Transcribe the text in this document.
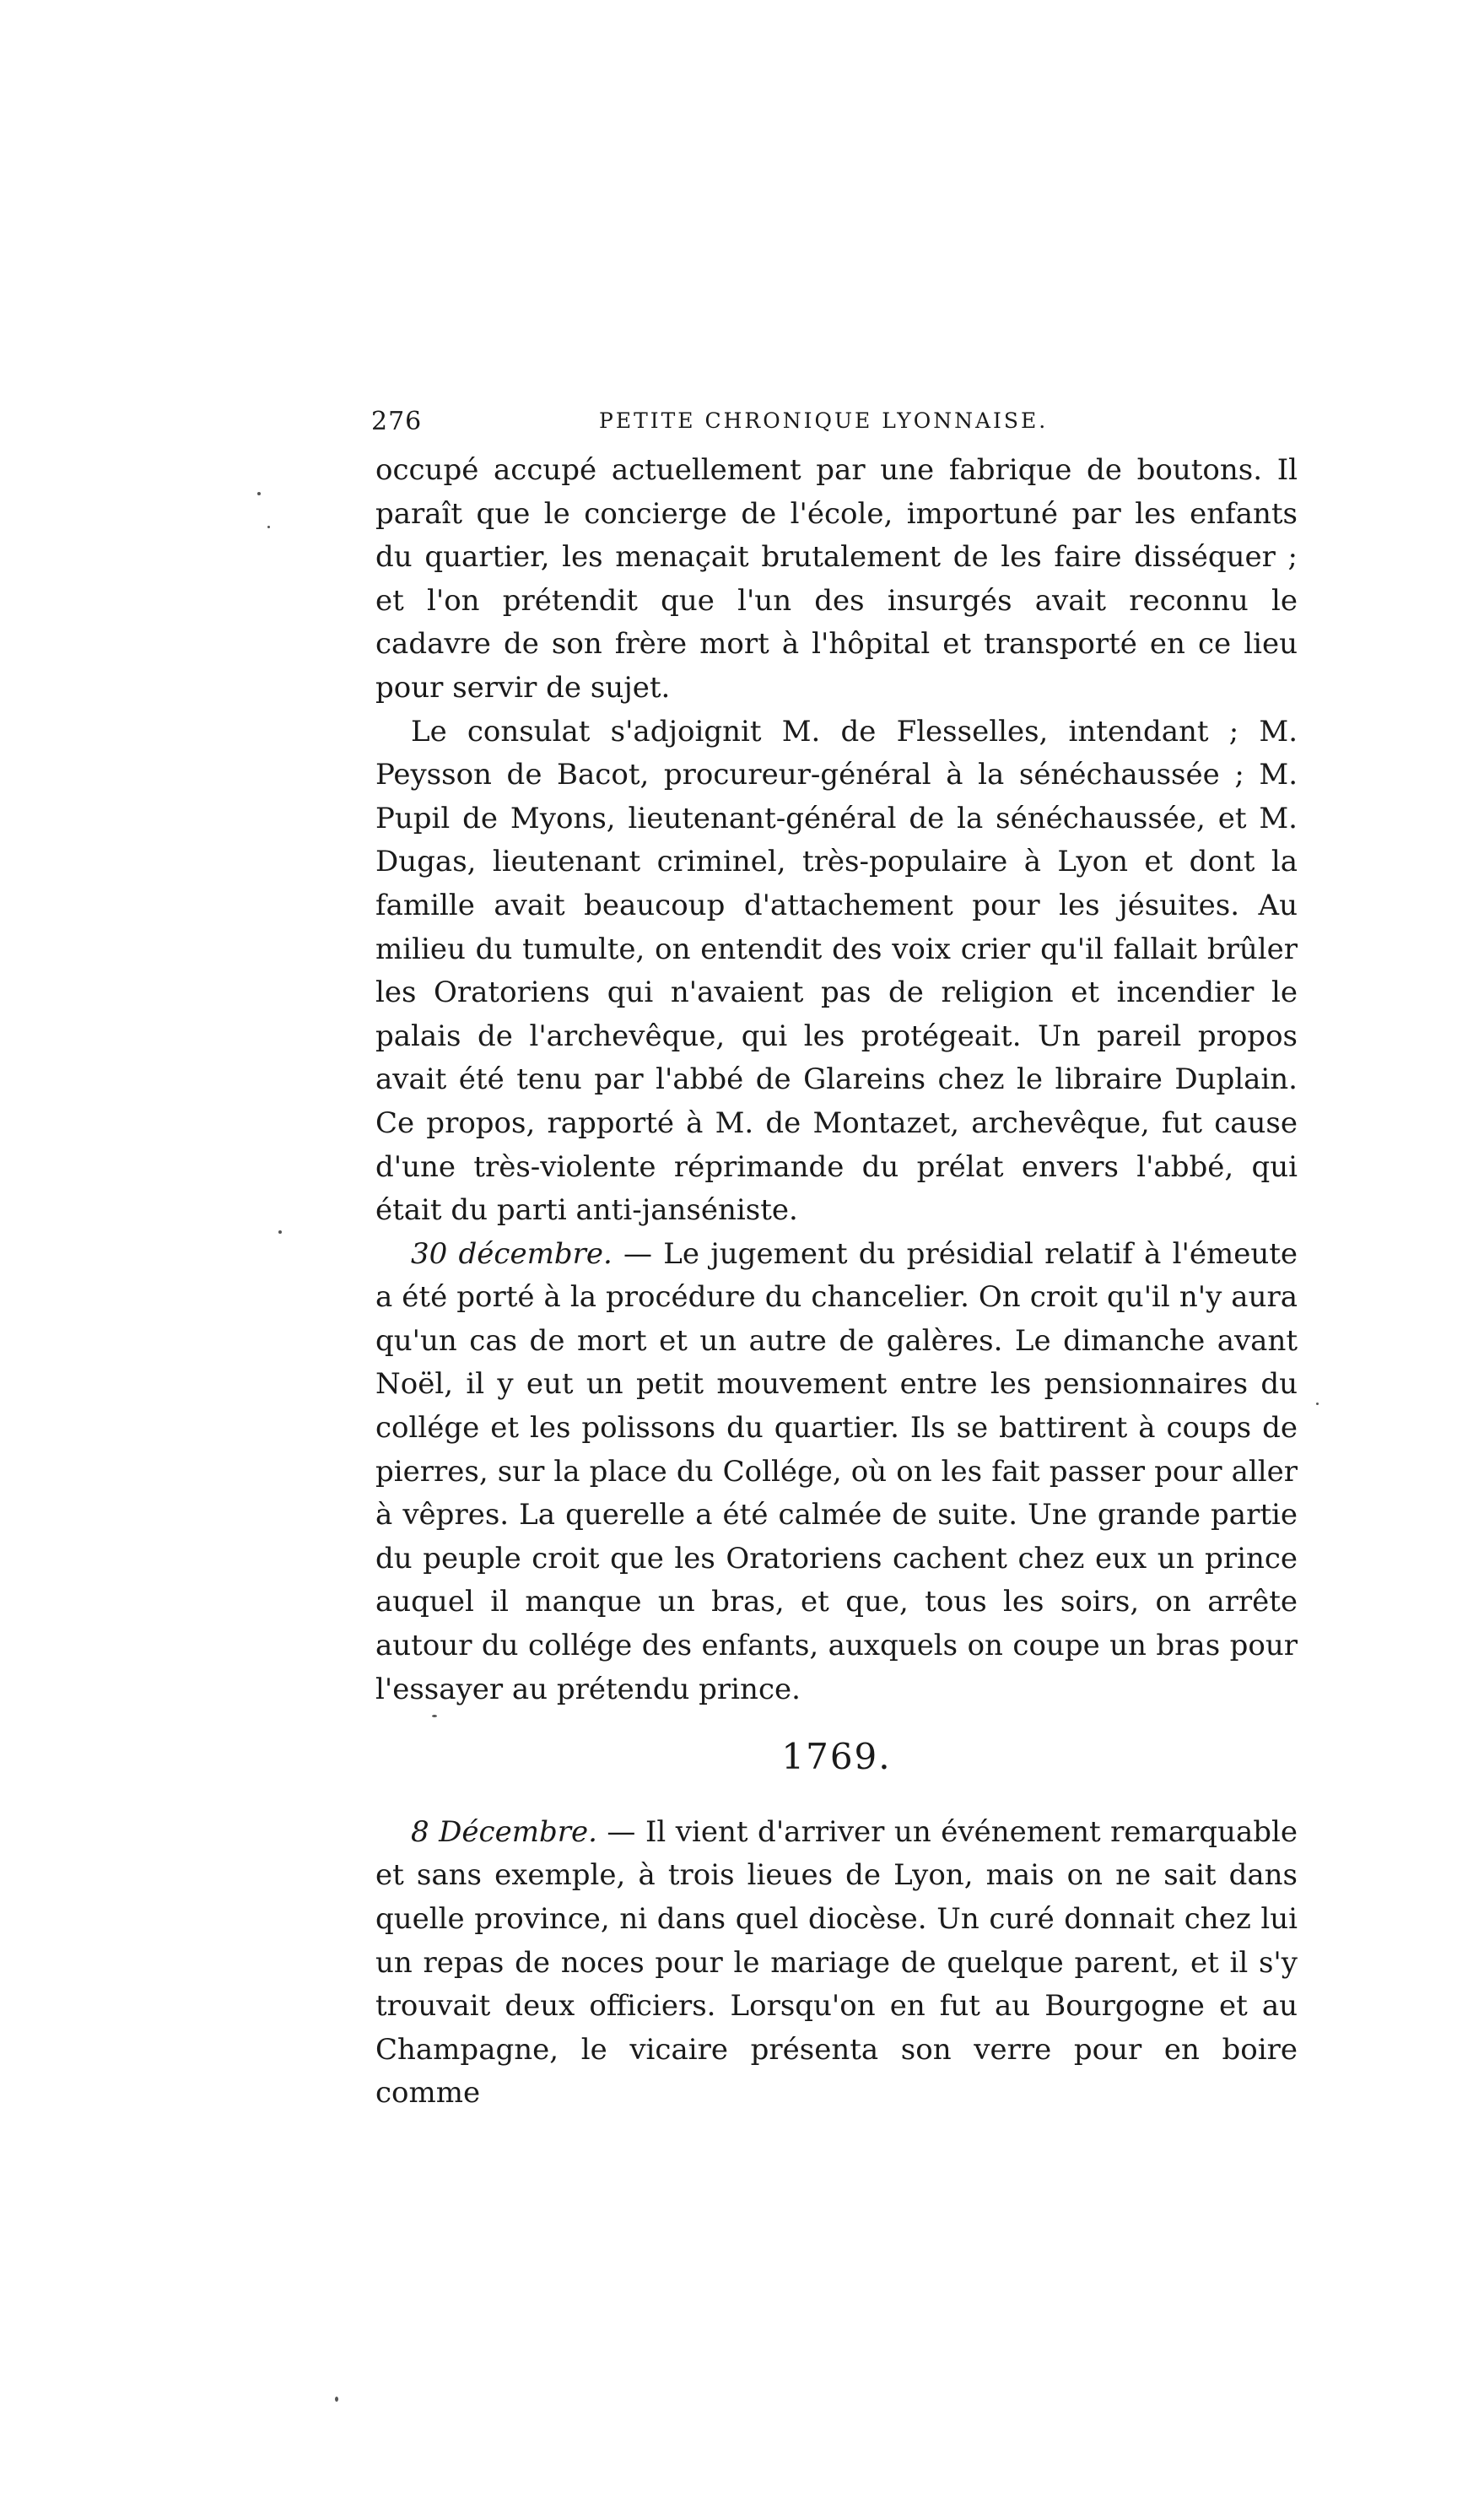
276	PETITE CHRONIQUE LYONNAISE.

occupé accupé actuellement par une fabrique de boutons. Il paraît que le concierge de l'école, importuné par les enfants du quartier, les menaçait brutalement de les faire disséquer ; et l'on prétendit que l'un des insurgés avait reconnu le cadavre de son frère mort à l'hôpital et transporté en ce lieu pour servir de sujet.

Le consulat s'adjoignit M. de Flesselles, intendant ; M. Peysson de Bacot, procureur-général à la sénéchaussée ; M. Pupil de Myons, lieutenant-général de la sénéchaussée, et M. Dugas, lieutenant criminel, très-populaire à Lyon et dont la famille avait beaucoup d'attachement pour les jésuites. Au milieu du tumulte, on entendit des voix crier qu'il fallait brûler les Oratoriens qui n'avaient pas de religion et incendier le palais de l'archevêque, qui les protégeait. Un pareil propos avait été tenu par l'abbé de Glareins chez le libraire Duplain. Ce propos, rapporté à M. de Montazet, archevêque, fut cause d'une très-violente réprimande du prélat envers l'abbé, qui était du parti anti-janséniste.

30 décembre. — Le jugement du présidial relatif à l'émeute a été porté à la procédure du chancelier. On croit qu'il n'y aura qu'un cas de mort et un autre de galères. Le dimanche avant Noël, il y eut un petit mouvement entre les pensionnaires du collége et les polissons du quartier. Ils se battirent à coups de pierres, sur la place du Collége, où on les fait passer pour aller à vêpres. La querelle a été calmée de suite. Une grande partie du peuple croit que les Oratoriens cachent chez eux un prince auquel il manque un bras, et que, tous les soirs, on arrête autour du collége des enfants, auxquels on coupe un bras pour l'essayer au prétendu prince.

1769.

8 Décembre. — Il vient d'arriver un événement remarquable et sans exemple, à trois lieues de Lyon, mais on ne sait dans quelle province, ni dans quel diocèse. Un curé donnait chez lui un repas de noces pour le mariage de quelque parent, et il s'y trouvait deux officiers. Lorsqu'on en fut au Bourgogne et au Champagne, le vicaire présenta son verre pour en boire comme
